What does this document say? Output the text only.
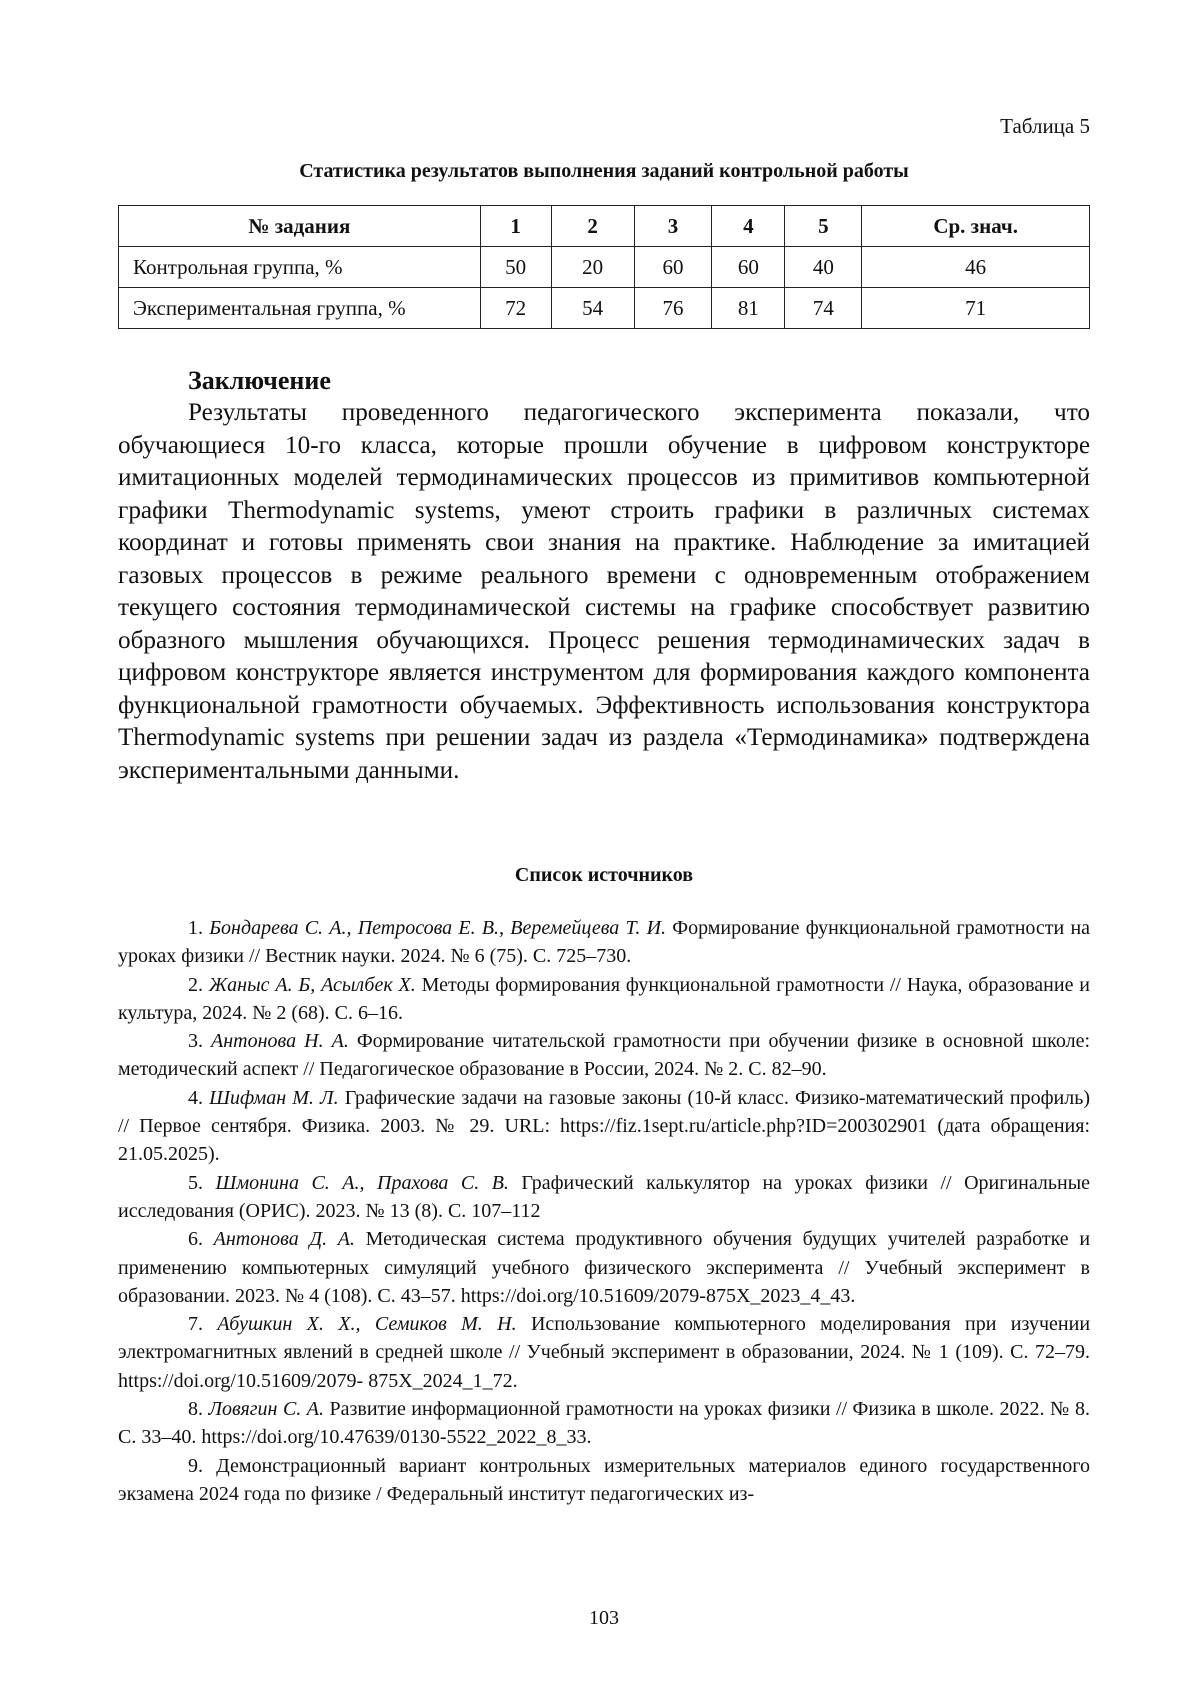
Таблица 5
Статистика результатов выполнения заданий контрольной работы
№ задания	1	2	3	4	5	Ср. знач.
Контрольная группа, %	50	20	60	60	40	46
Экспериментальная группа, %	72	54	76	81	74	71
Заключение

Результаты проведенного педагогического эксперимента показали, что обучающиеся 10-го класса, которые прошли обучение в цифровом конструкторе имитационных моделей термодинамических процессов из примитивов компьютерной графики Thermodynamic systems, умеют строить графики в различных системах координат и готовы применять свои знания на практике. Наблюдение за имитацией газовых процессов в режиме реального времени с одновременным отображением текущего состояния термодинамической системы на графике способствует развитию образного мышления обучающихся. Процесс решения термодинамических задач в цифровом конструкторе является инструментом для формирования каждого компонента функциональной грамотности обучаемых. Эффективность использования конструктора Thermodynamic systems при решении задач из раздела «Термодинамика» подтверждена экспериментальными данными.

Список источников
1. Бондарева С. А., Петросова Е. В., Веремейцева Т. И. Формирование функциональной грамотности на уроках физики // Вестник науки. 2024. № 6 (75). С. 725–730.
2. Жаныс А. Б, Асылбек Х. Методы формирования функциональной грамотности // Наука, образование и культура, 2024. № 2 (68). С. 6–16.
3. Антонова Н. А. Формирование читательской грамотности при обучении физике в основной школе: методический аспект // Педагогическое образование в России, 2024. № 2. С. 82–90.
4. Шифман М. Л. Графические задачи на газовые законы (10-й класс. Физико-математический профиль) // Первое сентября. Физика. 2003. № 29. URL: https://fiz.1sept.ru/article.php?ID=200302901 (дата обращения: 21.05.2025).
5. Шмонина С. А., Прахова С. В. Графический калькулятор на уроках физики // Оригинальные исследования (ОРИС). 2023. № 13 (8). С. 107–112
6. Антонова Д. А. Методическая система продуктивного обучения будущих учителей разработке и применению компьютерных симуляций учебного физического эксперимента // Учебный эксперимент в образовании. 2023. № 4 (108). С. 43–57. https://doi.org/10.51609/2079-875X_2023_4_43.
7. Абушкин Х. Х., Семиков М. Н. Использование компьютерного моделирования при изучении электромагнитных явлений в средней школе // Учебный эксперимент в образовании, 2024. № 1 (109). С. 72–79. https://doi.org/10.51609/2079- 875X_2024_1_72.
8. Ловягин С. А. Развитие информационной грамотности на уроках физики // Физика в школе. 2022. № 8. С. 33–40. https://doi.org/10.47639/0130-5522_2022_8_33.
9. Демонстрационный вариант контрольных измерительных материалов единого государственного экзамена 2024 года по физике / Федеральный институт педагогических из-
103
